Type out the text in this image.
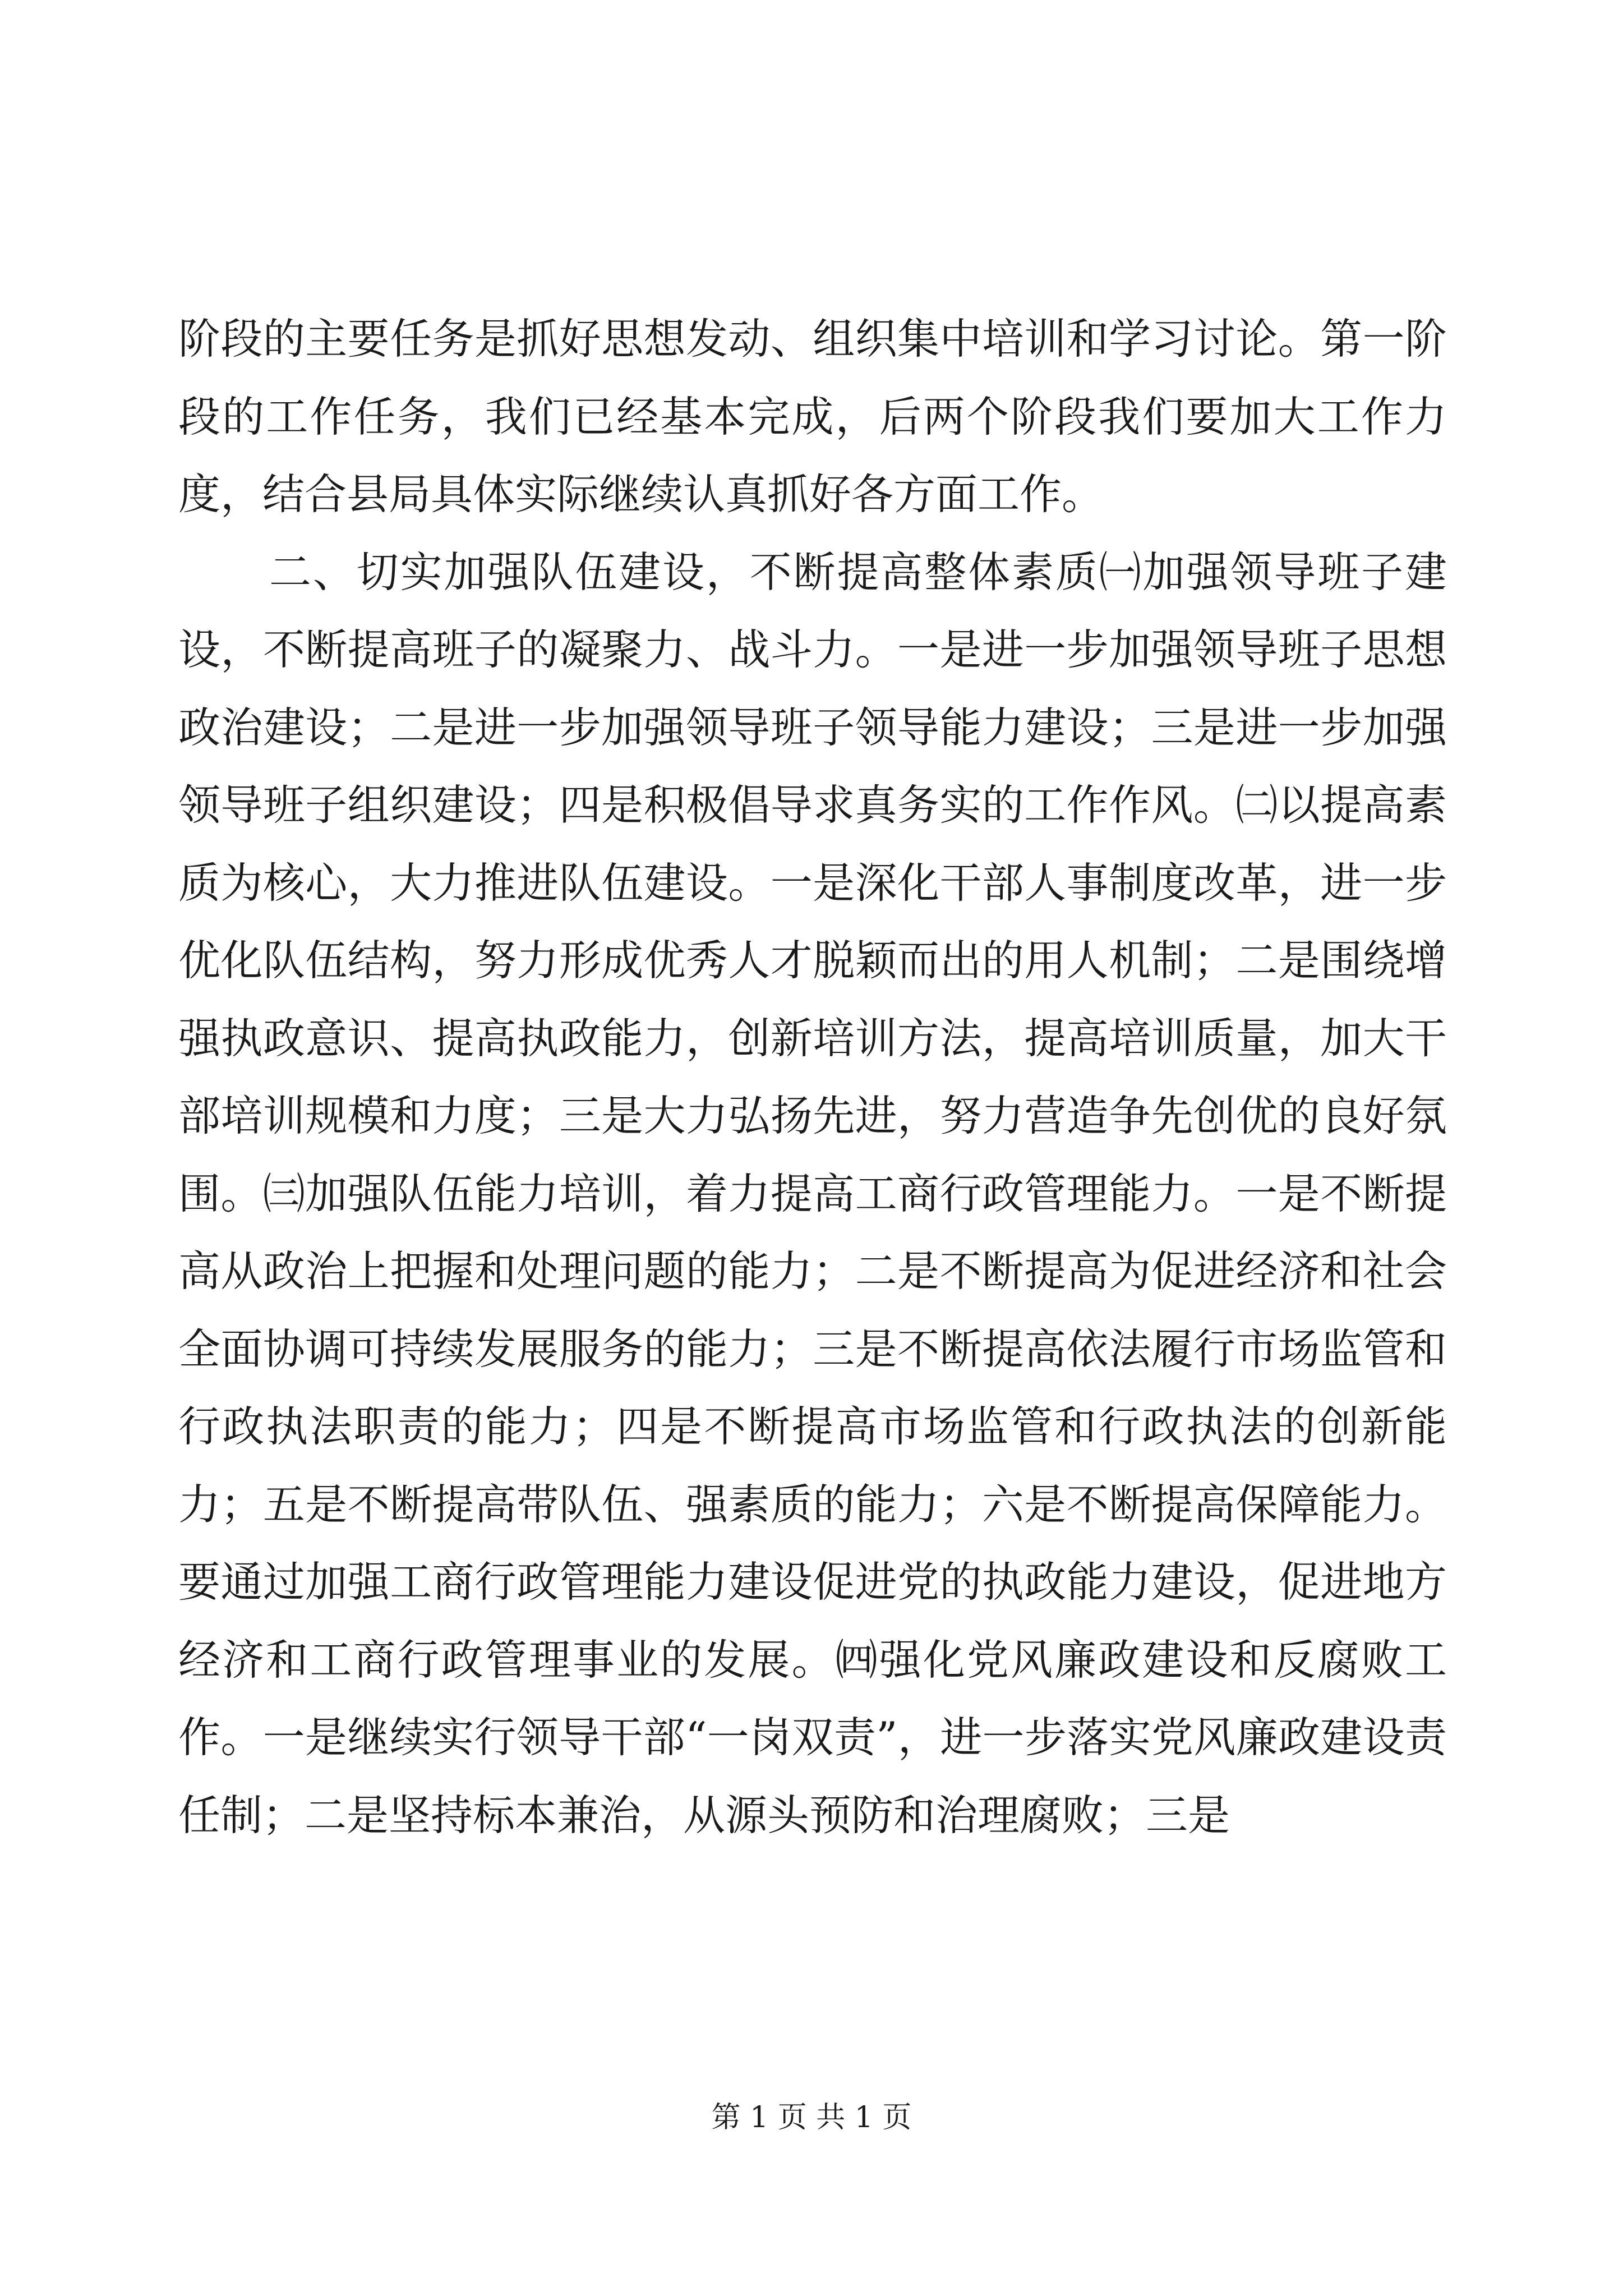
阶段的主要任务是抓好思想发动、组织集中培训和学习讨论。第一阶段的工作任务，我们已经基本完成，后两个阶段我们要加大工作力度，结合县局具体实际继续认真抓好各方面工作。

二、切实加强队伍建设，不断提高整体素质㈠加强领导班子建设，不断提高班子的凝聚力、战斗力。一是进一步加强领导班子思想政治建设；二是进一步加强领导班子领导能力建设；三是进一步加强领导班子组织建设；四是积极倡导求真务实的工作作风。㈡以提高素质为核心，大力推进队伍建设。一是深化干部人事制度改革，进一步优化队伍结构，努力形成优秀人才脱颖而出的用人机制；二是围绕增强执政意识、提高执政能力，创新培训方法，提高培训质量，加大干部培训规模和力度；三是大力弘扬先进，努力营造争先创优的良好氛围。㈢加强队伍能力培训，着力提高工商行政管理能力。一是不断提高从政治上把握和处理问题的能力；二是不断提高为促进经济和社会全面协调可持续发展服务的能力；三是不断提高依法履行市场监管和行政执法职责的能力；四是不断提高市场监管和行政执法的创新能力；五是不断提高带队伍、强素质的能力；六是不断提高保障能力。要通过加强工商行政管理能力建设促进党的执政能力建设，促进地方经济和工商行政管理事业的发展。㈣强化党风廉政建设和反腐败工作。一是继续实行领导干部“一岗双责”，进一步落实党风廉政建设责任制；二是坚持标本兼治，从源头预防和治理腐败；三是

第 1 页 共 1 页
